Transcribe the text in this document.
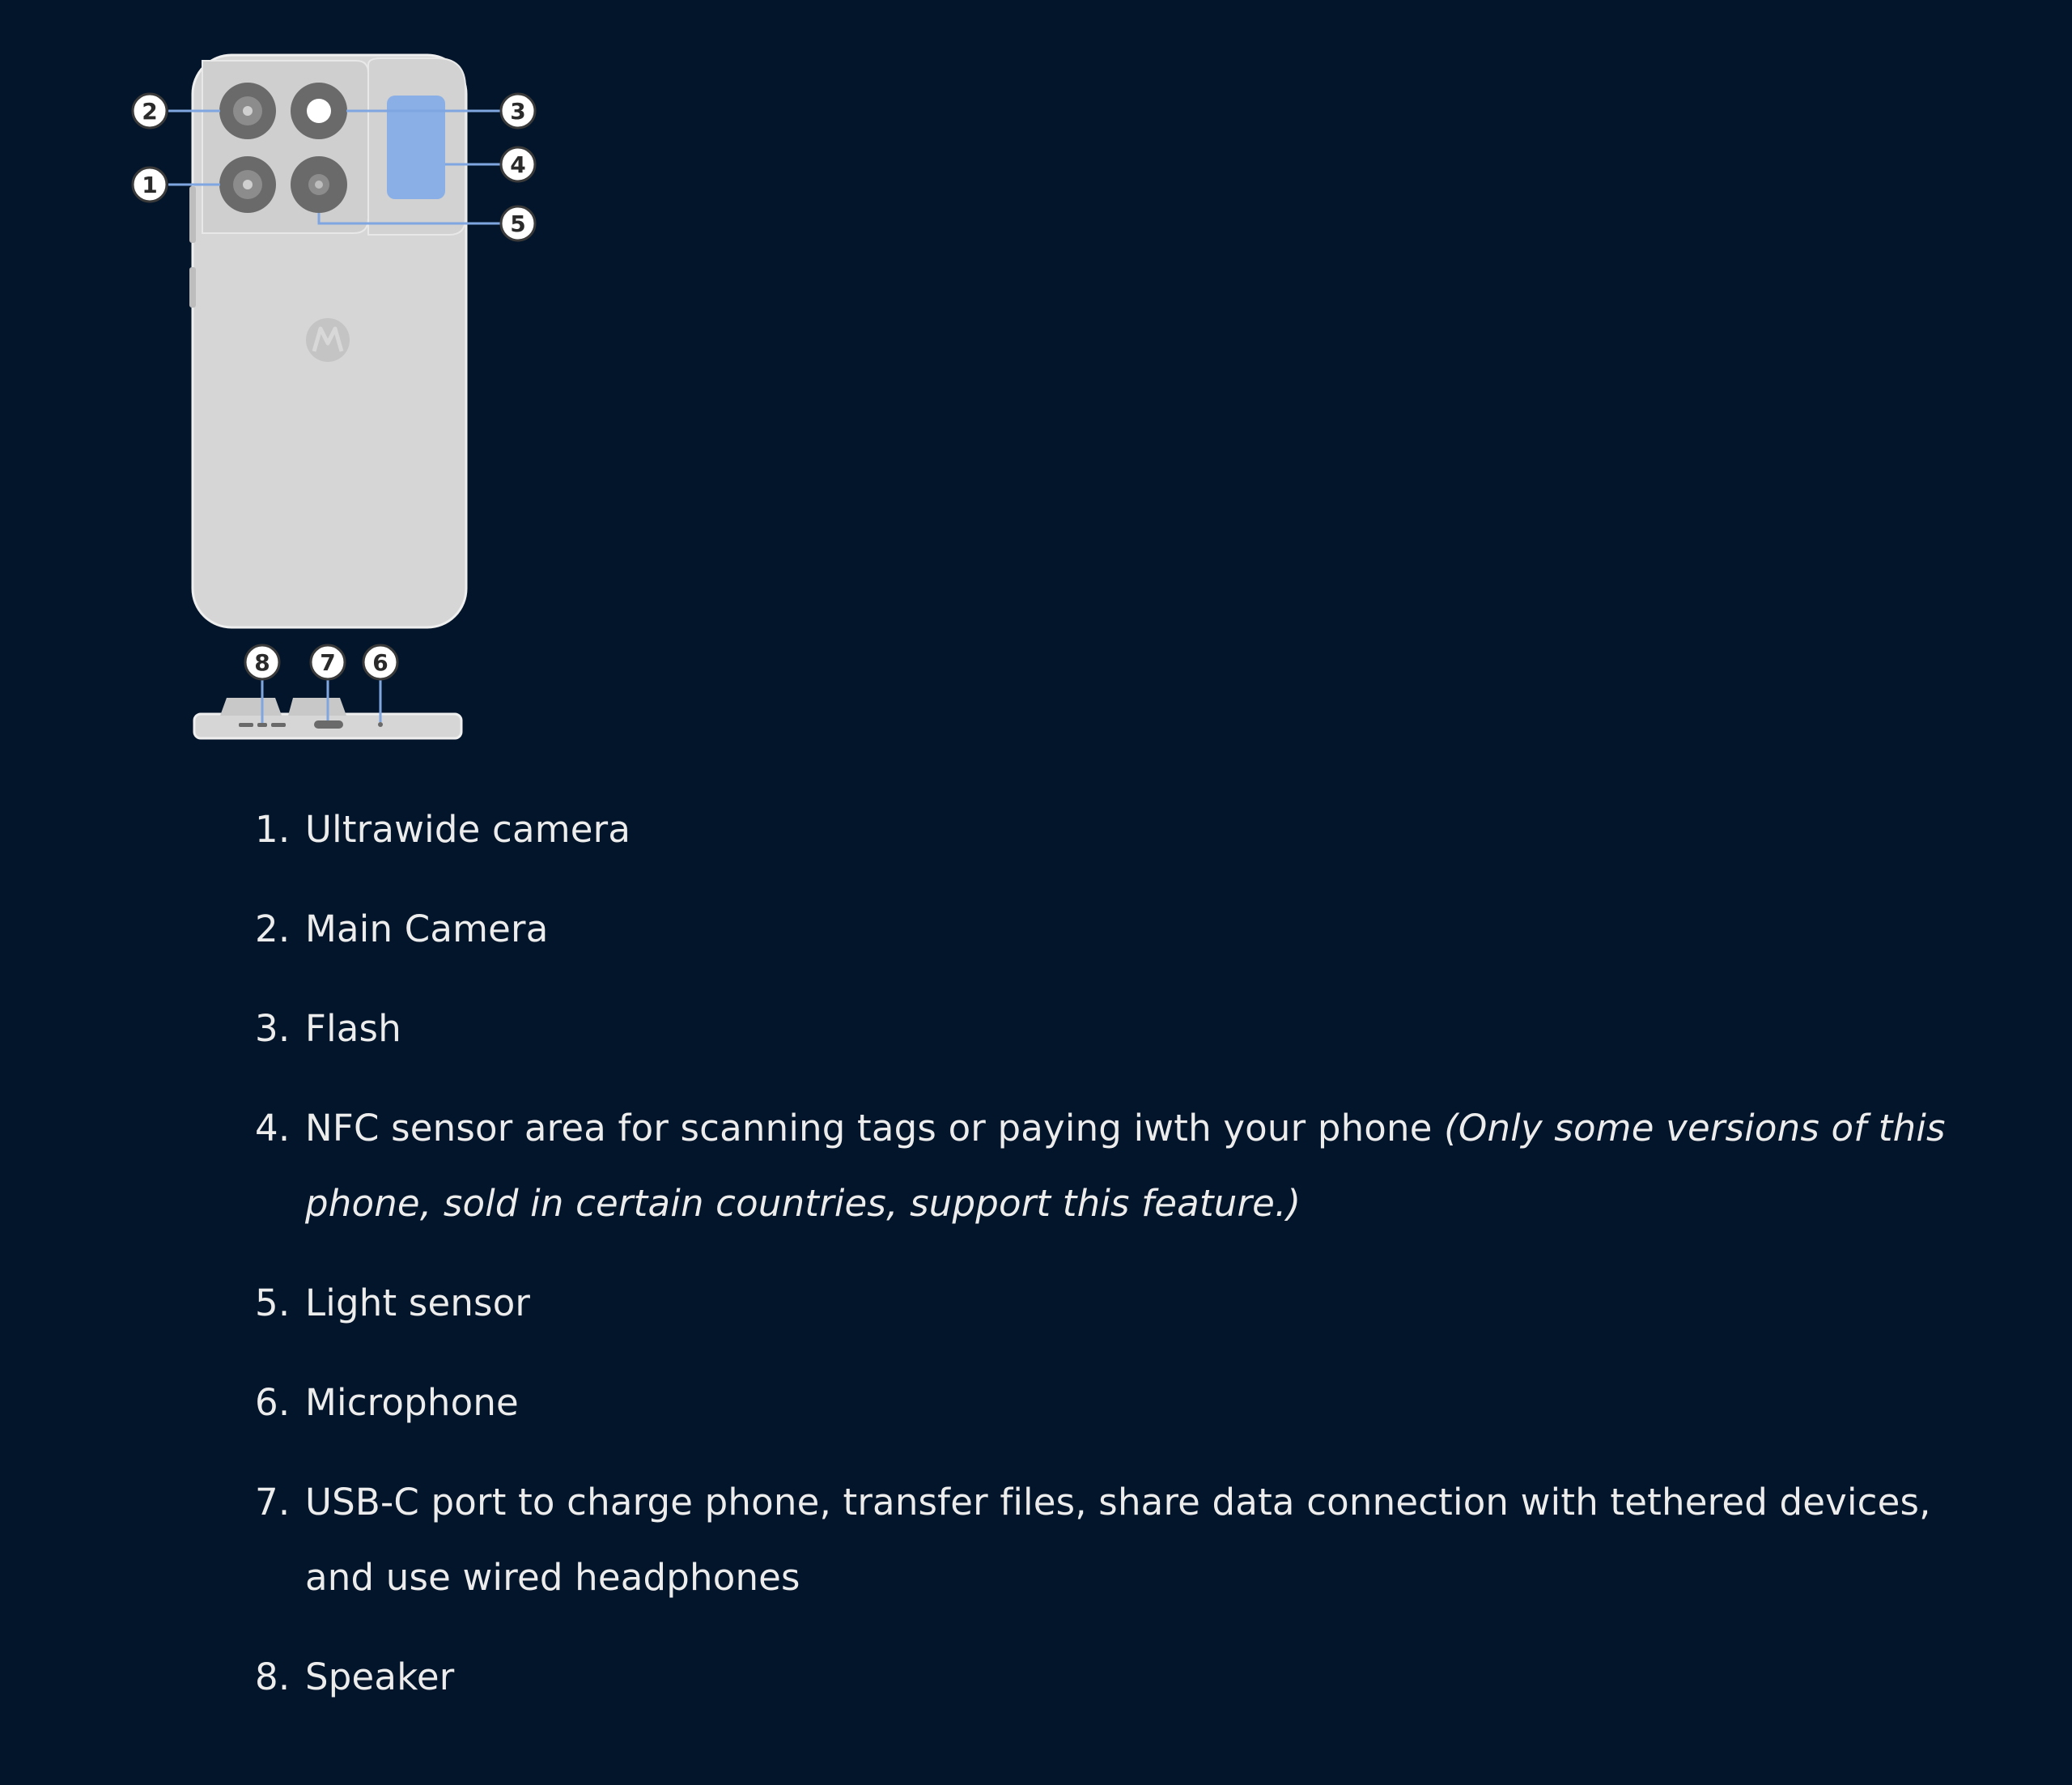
1
2	3
4
5
6
7
8
1. Ultrawide camera
2. Main Camera
3. Flash
4. NFC sensor area for scanning tags or paying iwth your phone (Only some versions of this phone, sold in certain countries, support this feature.)
5. Light sensor
6. Microphone
7. USB-C port to charge phone, transfer files, share data connection with tethered devices, and use wired headphones
8. Speaker
